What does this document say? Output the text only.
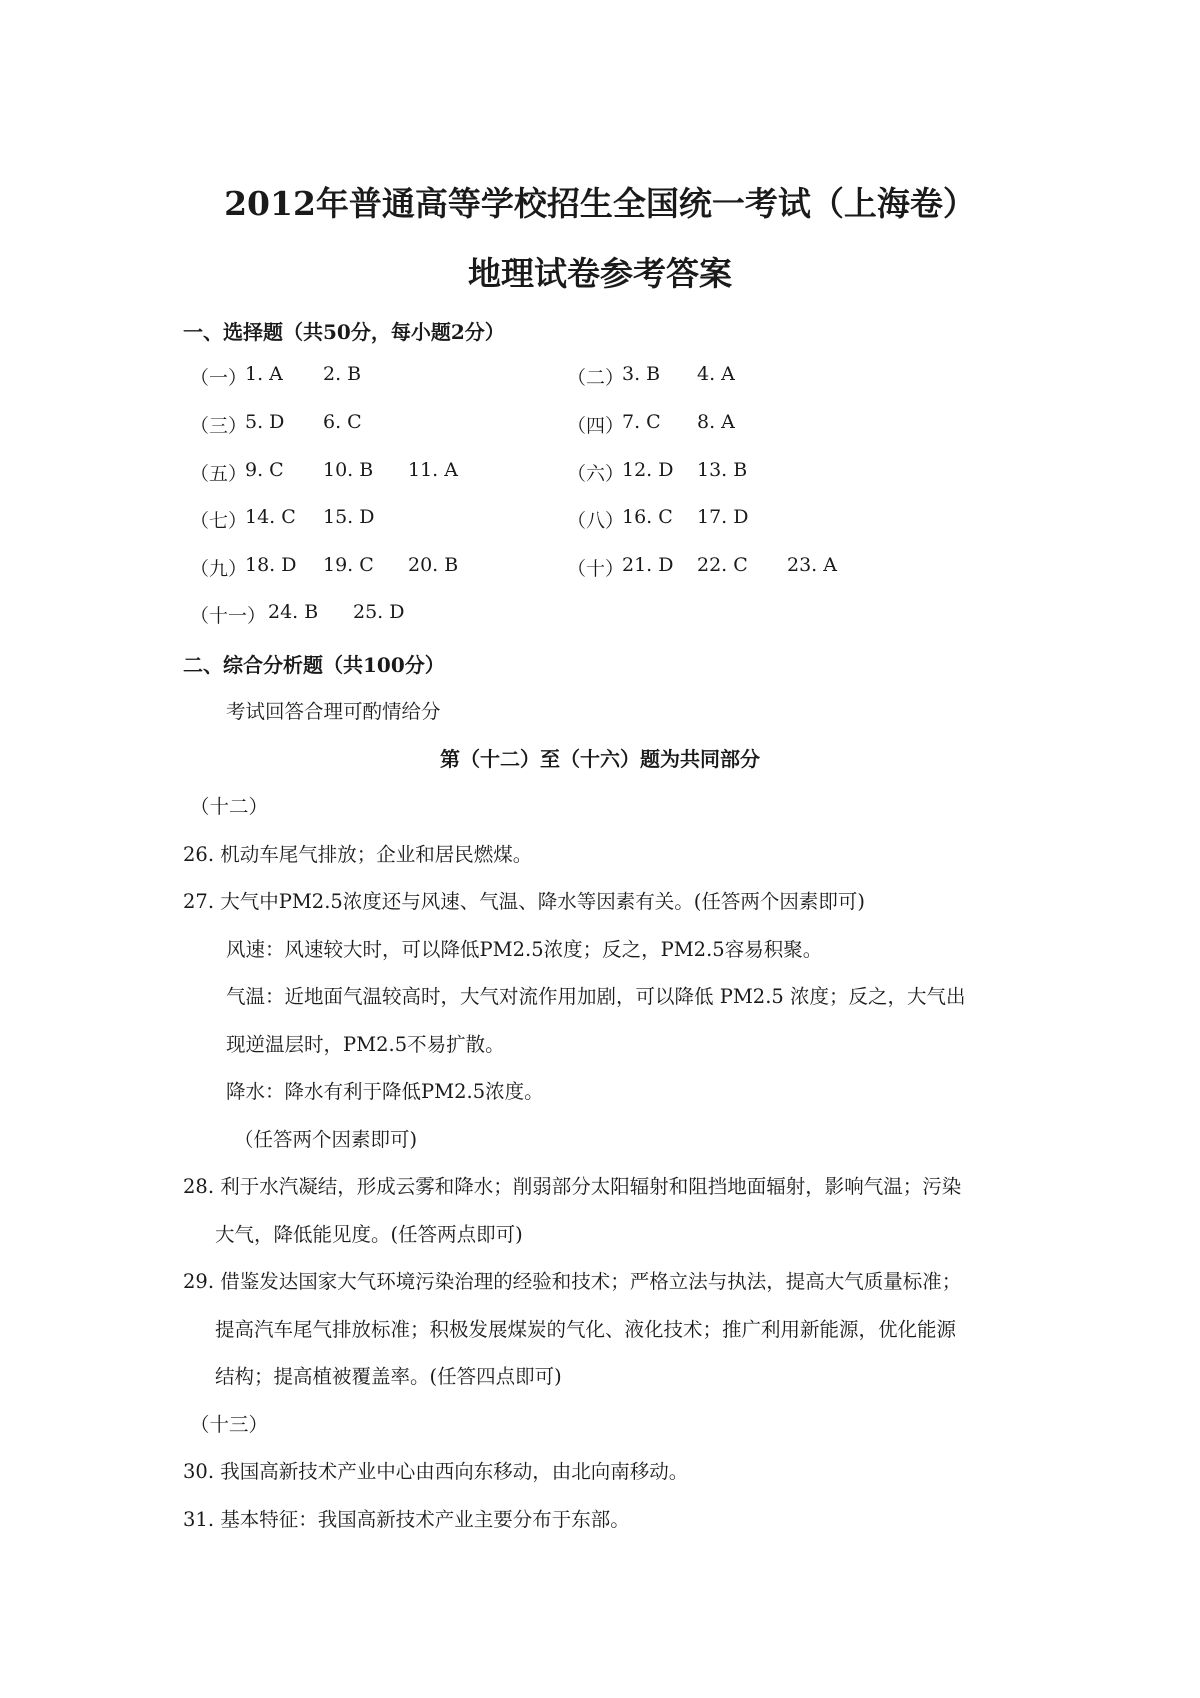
2012年普通高等学校招生全国统一考试（上海卷）
地理试卷参考答案
一、选择题（共50分，每小题2分）
（一）
1. A 2. B
（三）
5. D 6. C
（五）
9. C 10. B 11. A
（七）
14. C 15. D
（九）
18. D 19. C 20. B
（十一） 24. B 25. D
（二）
3. B 4. A
（四）
7. C 8. A
（六）
12. D 13. B
（八）
16. C 17. D
（十）
21. D 22. C 23. A
二、综合分析题（共100分）
考试回答合理可酌情给分
第（十二）至（十六）题为共同部分
（十二）
26. 机动车尾气排放；企业和居民燃煤。
27. 大气中PM2.5浓度还与风速、气温、降水等因素有关。(任答两个因素即可)
风速：风速较大时，可以降低PM2.5浓度；反之，PM2.5容易积聚。
气温：近地面气温较高时，大气对流作用加剧，可以降低 PM2.5 浓度；反之，大气出
现逆温层时，PM2.5不易扩散。
降水：降水有利于降低PM2.5浓度。
（任答两个因素即可)
28. 利于水汽凝结，形成云雾和降水；削弱部分太阳辐射和阻挡地面辐射，影响气温；污染
大气，降低能见度。(任答两点即可)
29. 借鉴发达国家大气环境污染治理的经验和技术；严格立法与执法，提高大气质量标准；
提高汽车尾气排放标准；积极发展煤炭的气化、液化技术；推广利用新能源，优化能源
结构；提高植被覆盖率。(任答四点即可)
（十三）
30. 我国高新技术产业中心由西向东移动，由北向南移动。
31. 基本特征：我国高新技术产业主要分布于东部。
